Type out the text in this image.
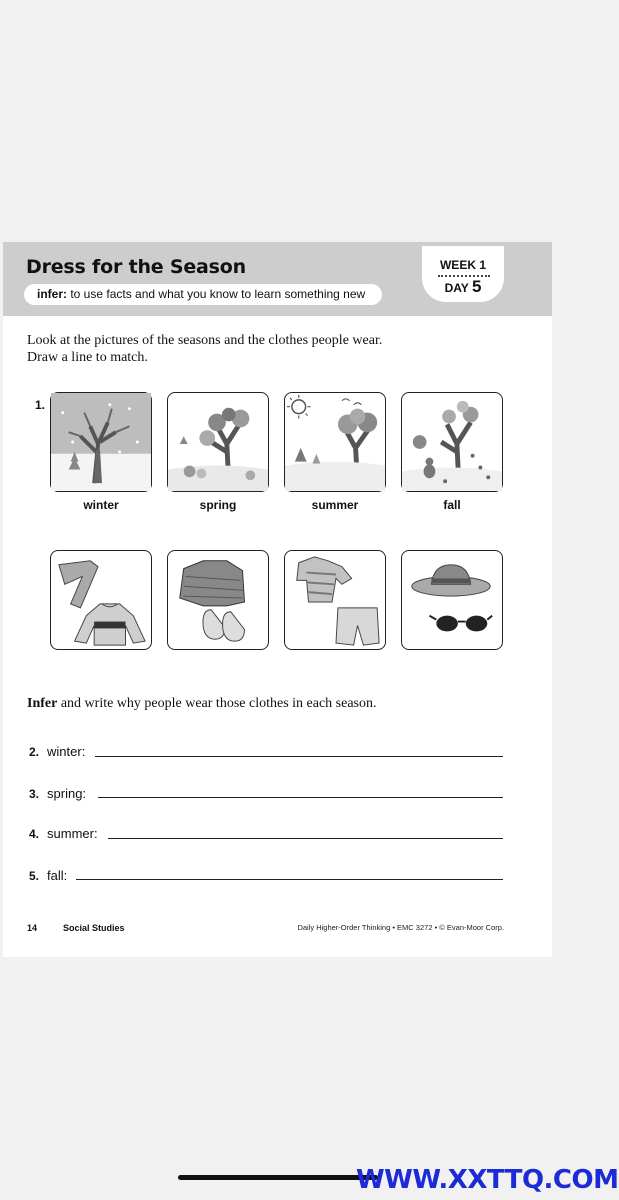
Dress for the Season
infer: to use facts and what you know to learn something new
WEEK 1
DAY 5
Look at the pictures of the seasons and the clothes people wear.
Draw a line to match.
1.
winter	spring	summer	fall
Infer and write why people wear those clothes in each season.
2. winter:
3. spring:
4. summer:
5. fall:
14	Social Studies	Daily Higher-Order Thinking • EMC 3272 • © Evan-Moor Corp.
WWW.XXTTQ.COM
